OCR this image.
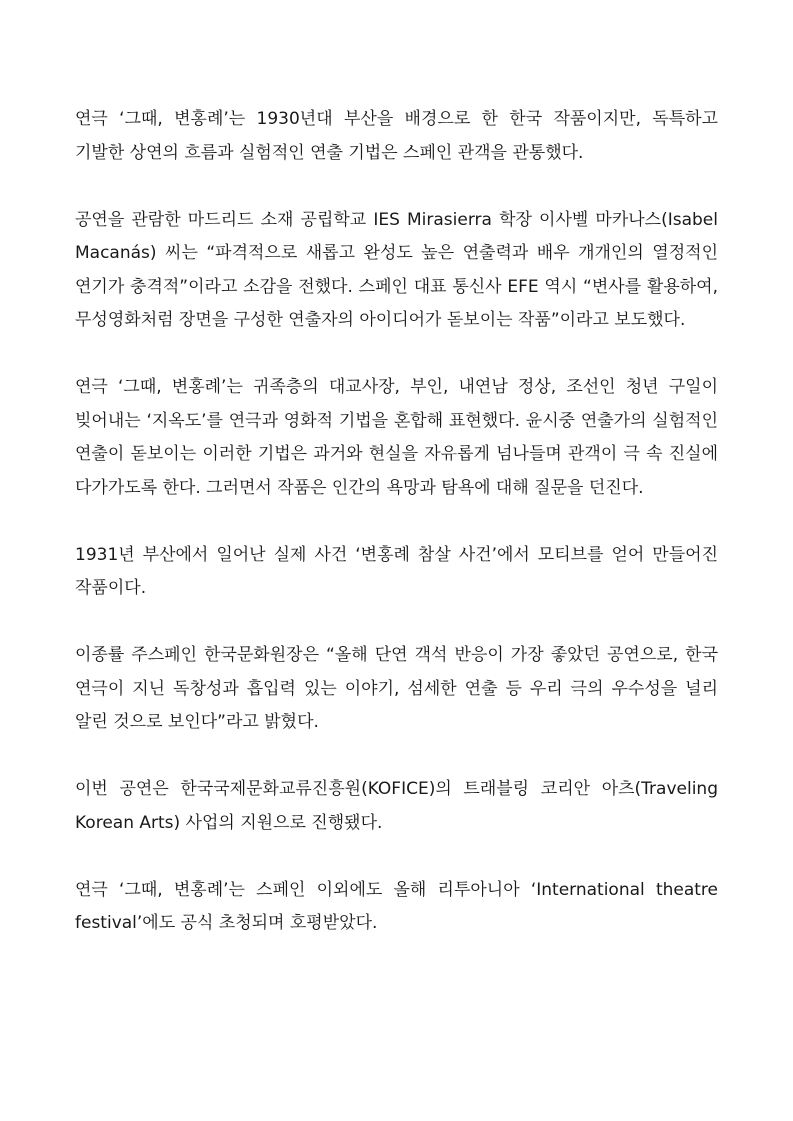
연극 ‘그때, 변홍례’는 1930년대 부산을 배경으로 한 한국 작품이지만, 독특하고 기발한 상연의 흐름과 실험적인 연출 기법은 스페인 관객을 관통했다.

공연을 관람한 마드리드 소재 공립학교 IES Mirasierra 학장 이사벨 마카나스(Isabel Macanás) 씨는 “파격적으로 새롭고 완성도 높은 연출력과 배우 개개인의 열정적인 연기가 충격적”이라고 소감을 전했다. 스페인 대표 통신사 EFE 역시 “변사를 활용하여, 무성영화처럼 장면을 구성한 연출자의 아이디어가 돋보이는 작품”이라고 보도했다.

연극 ‘그때, 변홍례’는 귀족층의 대교사장, 부인, 내연남 정상, 조선인 청년 구일이 빚어내는 ‘지옥도’를 연극과 영화적 기법을 혼합해 표현했다. 윤시중 연출가의 실험적인 연출이 돋보이는 이러한 기법은 과거와 현실을 자유롭게 넘나들며 관객이 극 속 진실에 다가가도록 한다. 그러면서 작품은 인간의 욕망과 탐욕에 대해 질문을 던진다.

1931년 부산에서 일어난 실제 사건 ‘변홍례 참살 사건’에서 모티브를 얻어 만들어진 작품이다.

이종률 주스페인 한국문화원장은 “올해 단연 객석 반응이 가장 좋았던 공연으로, 한국 연극이 지닌 독창성과 흡입력 있는 이야기, 섬세한 연출 등 우리 극의 우수성을 널리 알린 것으로 보인다”라고 밝혔다.

이번 공연은 한국국제문화교류진흥원(KOFICE)의 트래블링 코리안 아츠(Traveling Korean Arts) 사업의 지원으로 진행됐다.

연극 ‘그때, 변홍례’는 스페인 이외에도 올해 리투아니아 ‘International theatre festival’에도 공식 초청되며 호평받았다.
